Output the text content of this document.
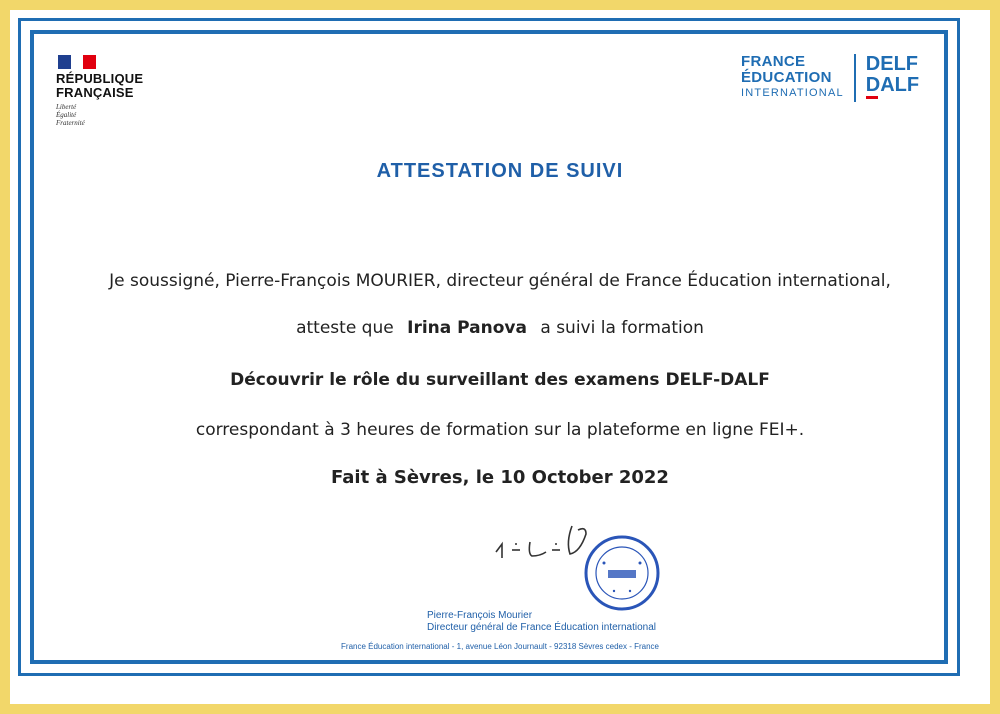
RÉPUBLIQUE
FRANÇAISE
Liberté
Égalité
Fraternité
FRANCE
ÉDUCATION
INTERNATIONAL
DELF
DALF
ATTESTATION DE SUIVI
Je soussigné, Pierre-François MOURIER, directeur général de France Éducation international,
atteste que Irina Panova a suivi la formation
Découvrir le rôle du surveillant des examens DELF-DALF
correspondant à 3 heures de formation sur la plateforme en ligne FEI+.
Fait à Sèvres, le 10 October 2022
Pierre-François Mourier
Directeur général de France Éducation international
France Éducation international - 1, avenue Léon Journault - 92318 Sèvres cedex - France
